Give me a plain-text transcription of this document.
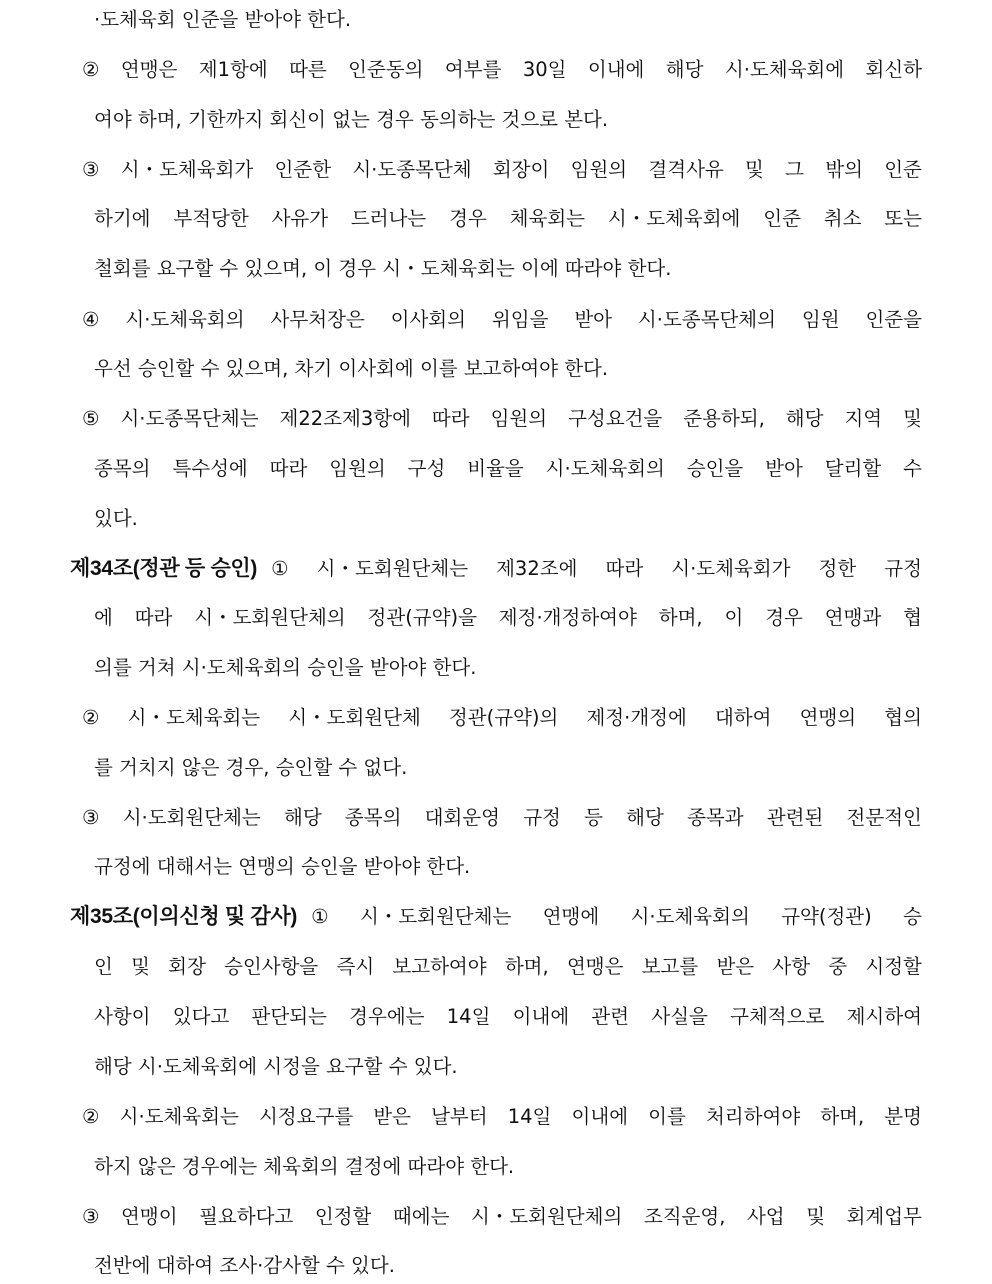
·도체육회 인준을 받아야 한다.
② 연맹은 제1항에 따른 인준동의 여부를 30일 이내에 해당 시·도체육회에 회신하
여야 하며, 기한까지 회신이 없는 경우 동의하는 것으로 본다.
③ 시・도체육회가 인준한 시·도종목단체 회장이 임원의 결격사유 및 그 밖의 인준
하기에 부적당한 사유가 드러나는 경우 체육회는 시・도체육회에 인준 취소 또는
철회를 요구할 수 있으며, 이 경우 시・도체육회는 이에 따라야 한다.
④ 시·도체육회의 사무처장은 이사회의 위임을 받아 시·도종목단체의 임원 인준을
우선 승인할 수 있으며, 차기 이사회에 이를 보고하여야 한다.
⑤ 시·도종목단체는 제22조제3항에 따라 임원의 구성요건을 준용하되, 해당 지역 및
종목의 특수성에 따라 임원의 구성 비율을 시·도체육회의 승인을 받아 달리할 수
있다.
제34조(정관 등 승인) ① 시・도회원단체는 제32조에 따라 시·도체육회가 정한 규정
에 따라 시・도회원단체의 정관(규약)을 제정·개정하여야 하며, 이 경우 연맹과 협
의를 거쳐 시·도체육회의 승인을 받아야 한다.
② 시・도체육회는 시・도회원단체 정관(규약)의 제정·개정에 대하여 연맹의 협의
를 거치지 않은 경우, 승인할 수 없다.
③ 시·도회원단체는 해당 종목의 대회운영 규정 등 해당 종목과 관련된 전문적인
규정에 대해서는 연맹의 승인을 받아야 한다.
제35조(이의신청 및 감사) ① 시・도회원단체는 연맹에 시·도체육회의 규약(정관) 승
인 및 회장 승인사항을 즉시 보고하여야 하며, 연맹은 보고를 받은 사항 중 시정할
사항이 있다고 판단되는 경우에는 14일 이내에 관련 사실을 구체적으로 제시하여
해당 시·도체육회에 시정을 요구할 수 있다.
② 시·도체육회는 시정요구를 받은 날부터 14일 이내에 이를 처리하여야 하며, 분명
하지 않은 경우에는 체육회의 결정에 따라야 한다.
③ 연맹이 필요하다고 인정할 때에는 시・도회원단체의 조직운영, 사업 및 회계업무
전반에 대하여 조사·감사할 수 있다.
